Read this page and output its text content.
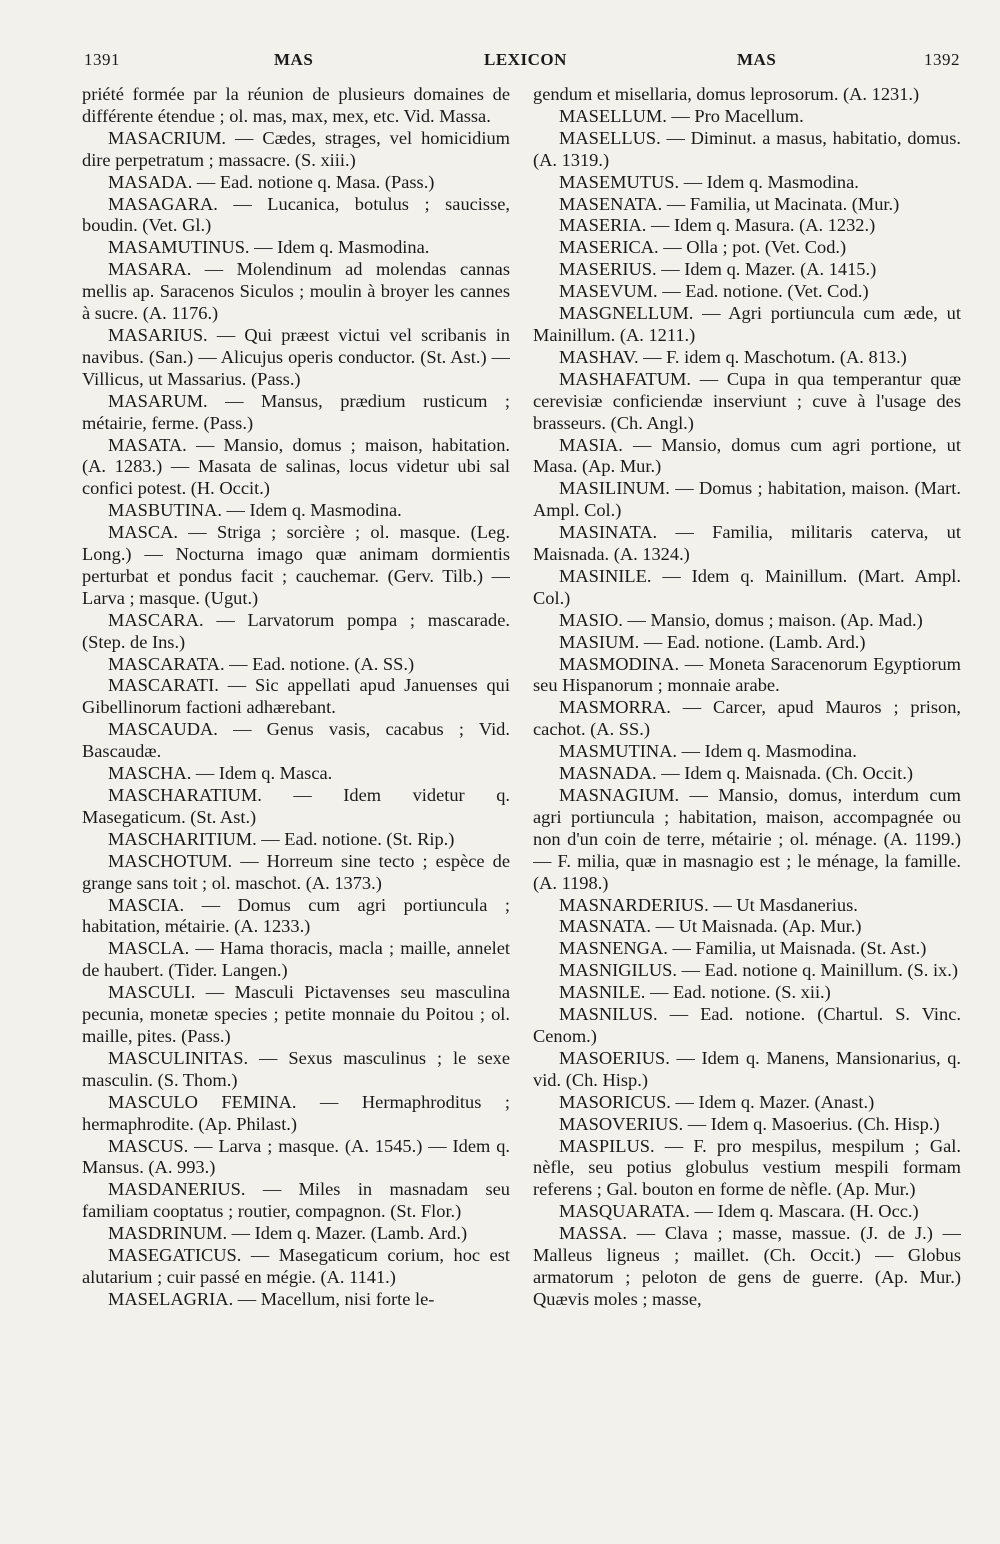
1391	MAS	LEXICON	MAS	1392

priété formée par la réunion de plusieurs domaines de différente étendue ; ol. mas, max, mex, etc. Vid. Massa.

MASACRIUM. — Cædes, strages, vel homicidium dire perpetratum ; massacre. (S. xiii.)

MASADA. — Ead. notione q. Masa. (Pass.)

MASAGARA. — Lucanica, botulus ; saucisse, boudin. (Vet. Gl.)

MASAMUTINUS. — Idem q. Masmodina.

MASARA. — Molendinum ad molendas cannas mellis ap. Saracenos Siculos ; moulin à broyer les cannes à sucre. (A. 1176.)

MASARIUS. — Qui præest victui vel scribanis in navibus. (San.) — Alicujus operis conductor. (St. Ast.) — Villicus, ut Massarius. (Pass.)

MASARUM. — Mansus, prædium rusticum ; métairie, ferme. (Pass.)

MASATA. — Mansio, domus ; maison, habitation. (A. 1283.) — Masata de salinas, locus videtur ubi sal confici potest. (H. Occit.)

MASBUTINA. — Idem q. Masmodina.

MASCA. — Striga ; sorcière ; ol. masque. (Leg. Long.) — Nocturna imago quæ animam dormientis perturbat et pondus facit ; cauchemar. (Gerv. Tilb.) — Larva ; masque. (Ugut.)

MASCARA. — Larvatorum pompa ; mascarade. (Step. de Ins.)

MASCARATA. — Ead. notione. (A. SS.)

MASCARATI. — Sic appellati apud Januenses qui Gibellinorum factioni adhærebant.

MASCAUDA. — Genus vasis, cacabus ; Vid. Bascaudæ.

MASCHA. — Idem q. Masca.

MASCHARATIUM. — Idem videtur q. Masegaticum. (St. Ast.)

MASCHARITIUM. — Ead. notione. (St. Rip.)

MASCHOTUM. — Horreum sine tecto ; espèce de grange sans toit ; ol. maschot. (A. 1373.)

MASCIA. — Domus cum agri portiuncula ; habitation, métairie. (A. 1233.)

MASCLA. — Hama thoracis, macla ; maille, annelet de haubert. (Tider. Langen.)

MASCULI. — Masculi Pictavenses seu masculina pecunia, monetæ species ; petite monnaie du Poitou ; ol. maille, pites. (Pass.)

MASCULINITAS. — Sexus masculinus ; le sexe masculin. (S. Thom.)

MASCULO FEMINA. — Hermaphroditus ; hermaphrodite. (Ap. Philast.)

MASCUS. — Larva ; masque. (A. 1545.) — Idem q. Mansus. (A. 993.)

MASDANERIUS. — Miles in masnadam seu familiam cooptatus ; routier, compagnon. (St. Flor.)

MASDRINUM. — Idem q. Mazer. (Lamb. Ard.)

MASEGATICUS. — Masegaticum corium, hoc est alutarium ; cuir passé en mégie. (A. 1141.)

MASELAGRIA. — Macellum, nisi forte le-

gendum et misellaria, domus leprosorum. (A. 1231.)

MASELLUM. — Pro Macellum.

MASELLUS. — Diminut. a masus, habitatio, domus. (A. 1319.)

MASEMUTUS. — Idem q. Masmodina.

MASENATA. — Familia, ut Macinata. (Mur.)

MASERIA. — Idem q. Masura. (A. 1232.)

MASERICA. — Olla ; pot. (Vet. Cod.)

MASERIUS. — Idem q. Mazer. (A. 1415.)

MASEVUM. — Ead. notione. (Vet. Cod.)

MASGNELLUM. — Agri portiuncula cum æde, ut Mainillum. (A. 1211.)

MASHAV. — F. idem q. Maschotum. (A. 813.)

MASHAFATUM. — Cupa in qua temperantur quæ cerevisiæ conficiendæ inserviunt ; cuve à l'usage des brasseurs. (Ch. Angl.)

MASIA. — Mansio, domus cum agri portione, ut Masa. (Ap. Mur.)

MASILINUM. — Domus ; habitation, maison. (Mart. Ampl. Col.)

MASINATA. — Familia, militaris caterva, ut Maisnada. (A. 1324.)

MASINILE. — Idem q. Mainillum. (Mart. Ampl. Col.)

MASIO. — Mansio, domus ; maison. (Ap. Mad.)

MASIUM. — Ead. notione. (Lamb. Ard.)

MASMODINA. — Moneta Saracenorum Egyptiorum seu Hispanorum ; monnaie arabe.

MASMORRA. — Carcer, apud Mauros ; prison, cachot. (A. SS.)

MASMUTINA. — Idem q. Masmodina.

MASNADA. — Idem q. Maisnada. (Ch. Occit.)

MASNAGIUM. — Mansio, domus, interdum cum agri portiuncula ; habitation, maison, accompagnée ou non d'un coin de terre, métairie ; ol. ménage. (A. 1199.) — F. milia, quæ in masnagio est ; le ménage, la famille. (A. 1198.)

MASNARDERIUS. — Ut Masdanerius.

MASNATA. — Ut Maisnada. (Ap. Mur.)

MASNENGA. — Familia, ut Maisnada. (St. Ast.)

MASNIGILUS. — Ead. notione q. Mainillum. (S. ix.)

MASNILE. — Ead. notione. (S. xii.)

MASNILUS. — Ead. notione. (Chartul. S. Vinc. Cenom.)

MASOERIUS. — Idem q. Manens, Mansionarius, q. vid. (Ch. Hisp.)

MASORICUS. — Idem q. Mazer. (Anast.)

MASOVERIUS. — Idem q. Masoerius. (Ch. Hisp.)

MASPILUS. — F. pro mespilus, mespilum ; Gal. nèfle, seu potius globulus vestium mespili formam referens ; Gal. bouton en forme de nèfle. (Ap. Mur.)

MASQUARATA. — Idem q. Mascara. (H. Occ.)

MASSA. — Clava ; masse, massue. (J. de J.) — Malleus ligneus ; maillet. (Ch. Occit.) — Globus armatorum ; peloton de gens de guerre. (Ap. Mur.) Quævis moles ; masse,
